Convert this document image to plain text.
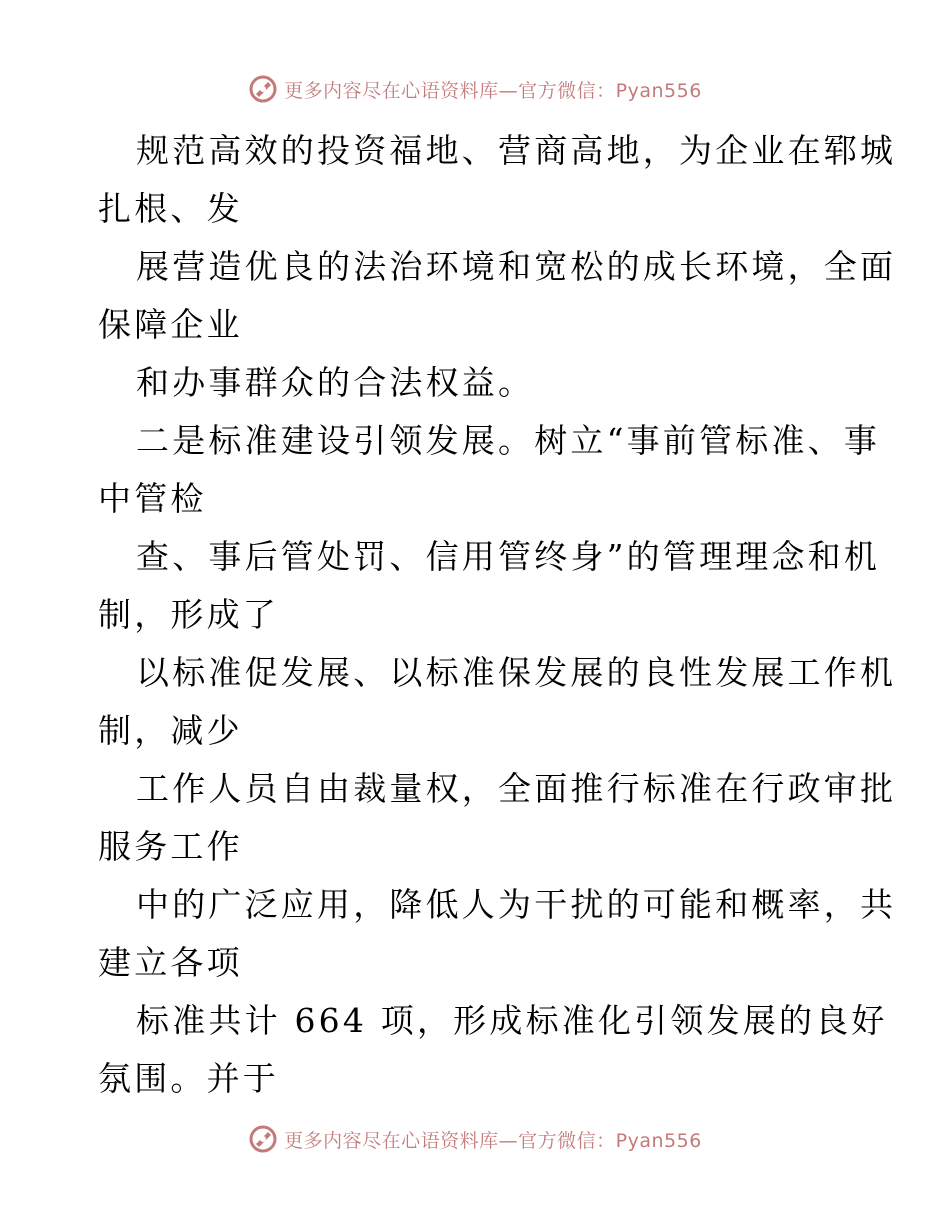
更多内容尽在心语资料库—官方微信：Pyan556

规范高效的投资福地、营商高地，为企业在郓城
扎根、发

展营造优良的法治环境和宽松的成长环境，全面
保障企业

和办事群众的合法权益。

二是标准建设引领发展。树立“事前管标准、事
中管检

查、事后管处罚、信用管终身”的管理理念和机
制，形成了

以标准促发展、以标准保发展的良性发展工作机
制，减少

工作人员自由裁量权，全面推行标准在行政审批
服务工作

中的广泛应用，降低人为干扰的可能和概率，共
建立各项

标准共计 664 项，形成标准化引领发展的良好
氛围。并于

更多内容尽在心语资料库—官方微信：Pyan556
